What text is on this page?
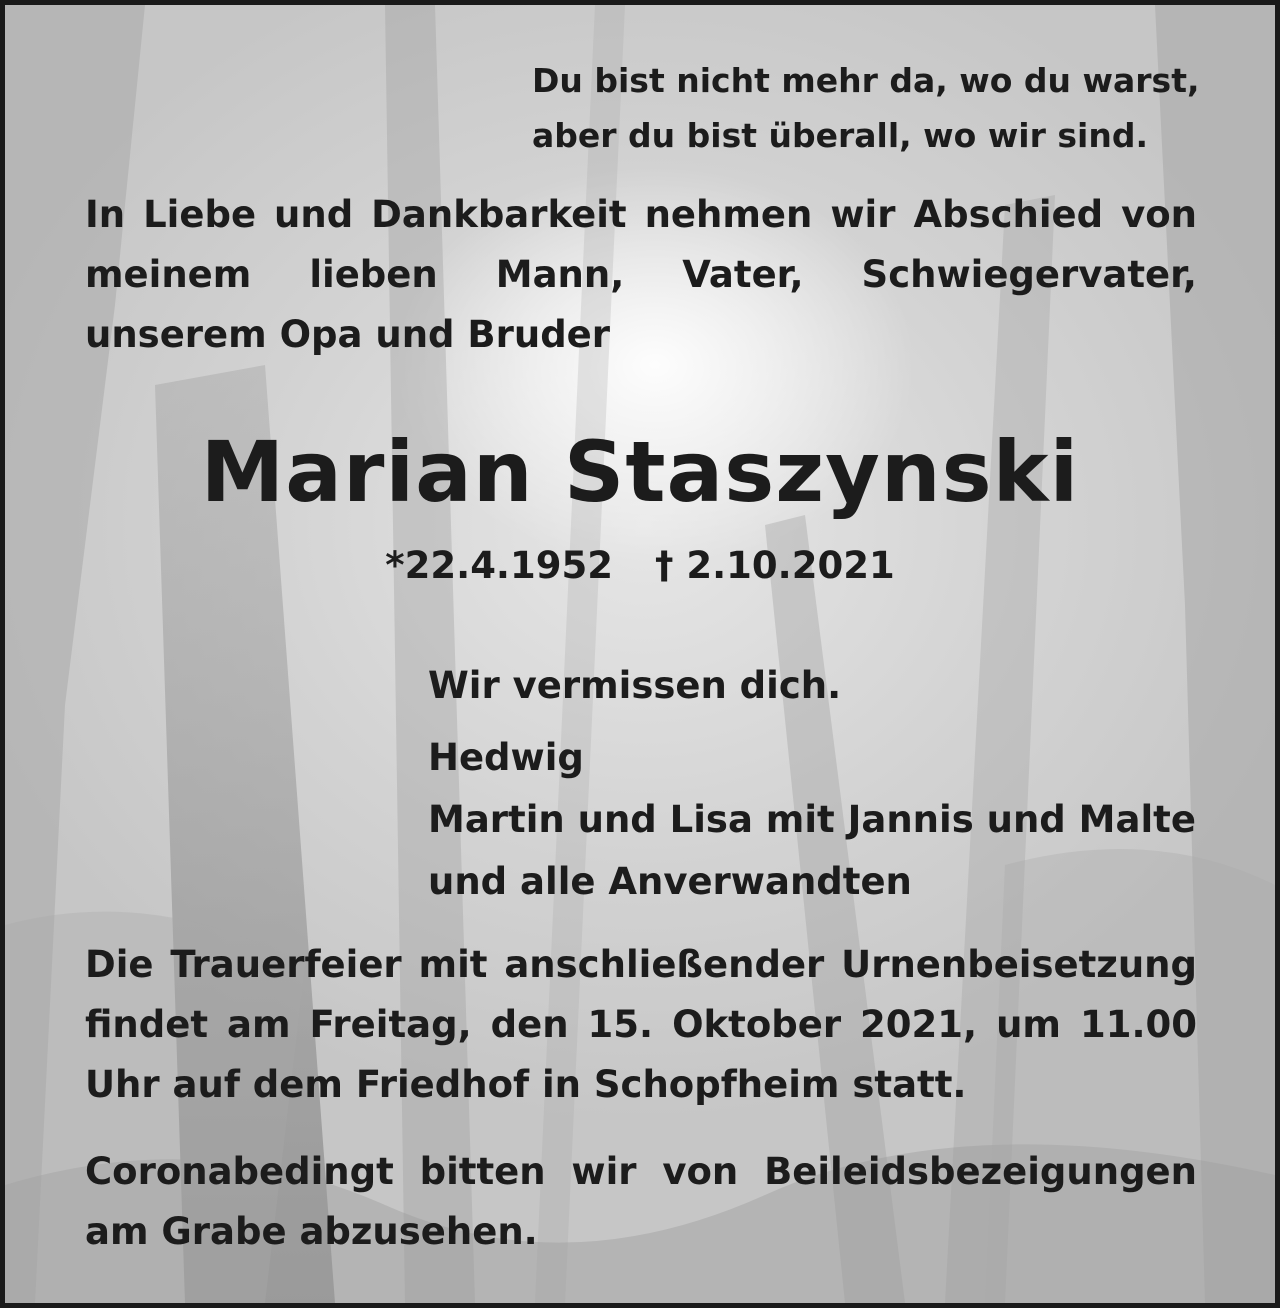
Du bist nicht mehr da, wo du warst,
aber du bist überall, wo wir sind.
In Liebe und Dankbarkeit nehmen wir Abschied von meinem lieben Mann, Vater, Schwiegervater, unserem Opa und Bruder
Marian Staszynski
*22.4.1952 † 2.10.2021
Wir vermissen dich.
Hedwig
Martin und Lisa mit Jannis und Malte
und alle Anverwandten
Die Trauerfeier mit anschließender Urnenbeisetzung findet am Freitag, den 15. Oktober 2021, um 11.00 Uhr auf dem Friedhof in Schopfheim statt.
Coronabedingt bitten wir von Beileidsbezeigungen am Grabe abzusehen.
